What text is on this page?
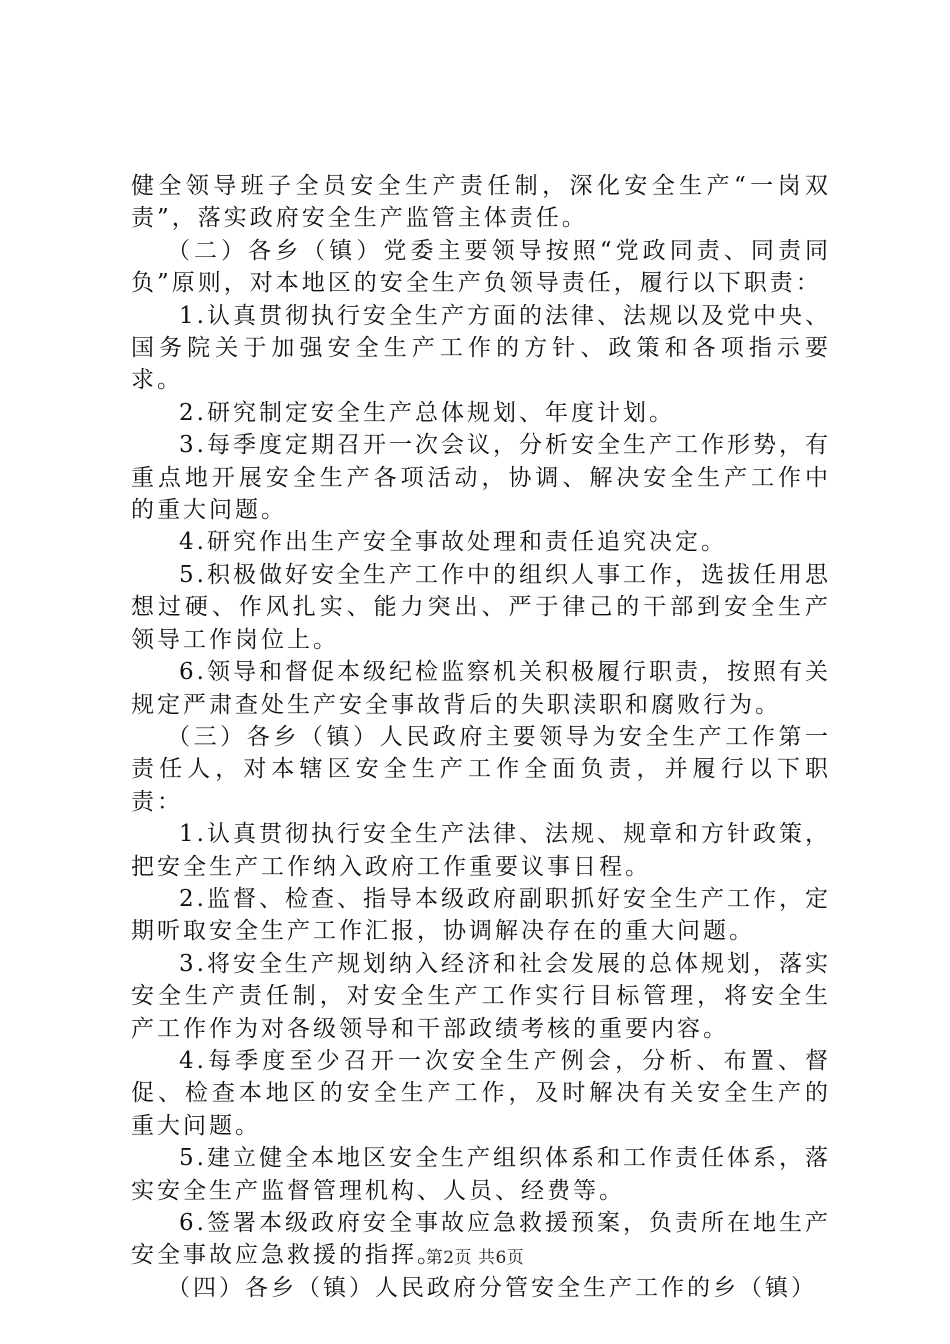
健全领导班子全员安全生产责任制，深化安全生产“一岗双责”，落实政府安全生产监管主体责任。

（二）各乡（镇）党委主要领导按照“党政同责、同责同负”原则，对本地区的安全生产负领导责任，履行以下职责：

1.认真贯彻执行安全生产方面的法律、法规以及党中央、国务院关于加强安全生产工作的方针、政策和各项指示要求。

2.研究制定安全生产总体规划、年度计划。

3.每季度定期召开一次会议，分析安全生产工作形势，有重点地开展安全生产各项活动，协调、解决安全生产工作中的重大问题。

4.研究作出生产安全事故处理和责任追究决定。

5.积极做好安全生产工作中的组织人事工作，选拔任用思想过硬、作风扎实、能力突出、严于律己的干部到安全生产领导工作岗位上。

6.领导和督促本级纪检监察机关积极履行职责，按照有关规定严肃查处生产安全事故背后的失职渎职和腐败行为。

（三）各乡（镇）人民政府主要领导为安全生产工作第一责任人，对本辖区安全生产工作全面负责，并履行以下职责：

1.认真贯彻执行安全生产法律、法规、规章和方针政策，把安全生产工作纳入政府工作重要议事日程。

2.监督、检查、指导本级政府副职抓好安全生产工作，定期听取安全生产工作汇报，协调解决存在的重大问题。

3.将安全生产规划纳入经济和社会发展的总体规划，落实安全生产责任制，对安全生产工作实行目标管理，将安全生产工作作为对各级领导和干部政绩考核的重要内容。

4.每季度至少召开一次安全生产例会，分析、布置、督促、检查本地区的安全生产工作，及时解决有关安全生产的重大问题。

5.建立健全本地区安全生产组织体系和工作责任体系，落实安全生产监督管理机构、人员、经费等。

6.签署本级政府安全事故应急救援预案，负责所在地生产安全事故应急救援的指挥。

（四）各乡（镇）人民政府分管安全生产工作的乡（镇）

第2页 共6页
